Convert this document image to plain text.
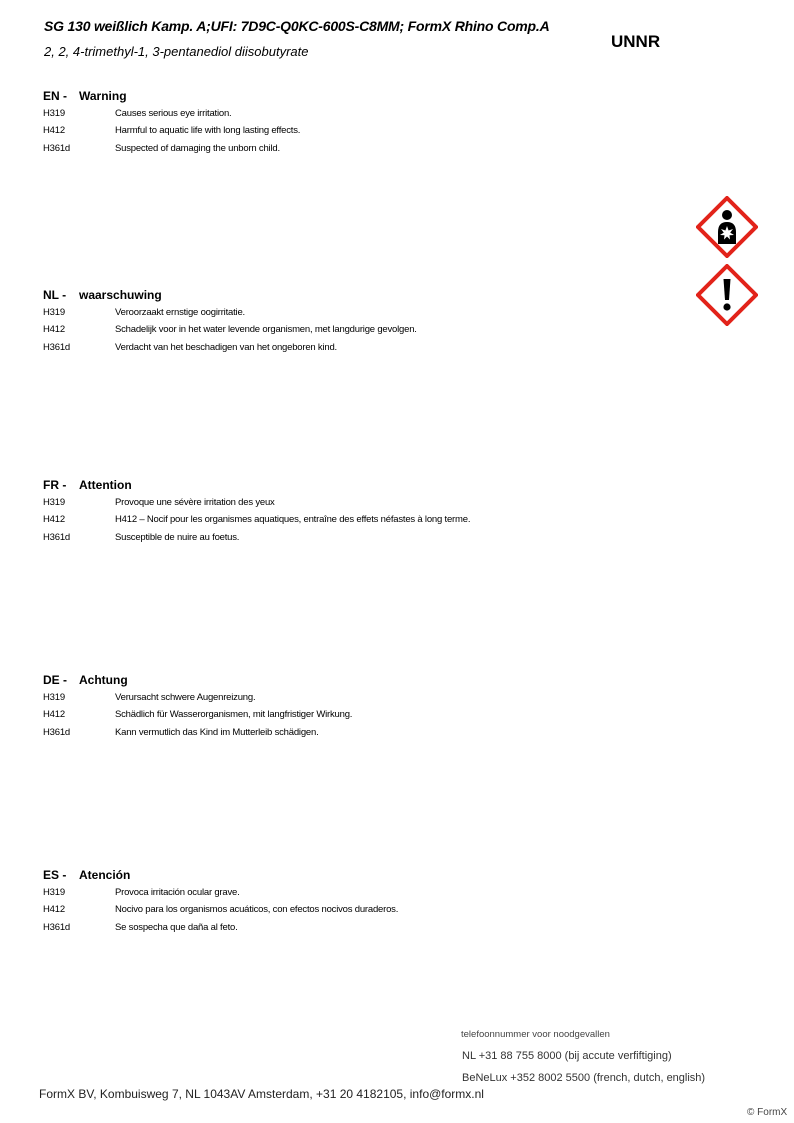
SG 130 weißlich Kamp. A;UFI: 7D9C-Q0KC-600S-C8MM; FormX Rhino Comp.A
2, 2, 4-trimethyl-1, 3-pentanediol diisobutyrate
UNNR
EN - Warning
H319	Causes serious eye irritation.
H412	Harmful to aquatic life with long lasting effects.
H361d	Suspected of damaging the unborn child.
NL - waarschuwing
H319	Veroorzaakt ernstige oogirritatie.
H412	Schadelijk voor in het water levende organismen, met langdurige gevolgen.
H361d	Verdacht van het beschadigen van het ongeboren kind.
FR - Attention
H319	Provoque une sévère irritation des yeux
H412	H412 – Nocif pour les organismes aquatiques, entraîne des effets néfastes à long terme.
H361d	Susceptible de nuire au foetus.
DE - Achtung
H319	Verursacht schwere Augenreizung.
H412	Schädlich für Wasserorganismen, mit langfristiger Wirkung.
H361d	Kann vermutlich das Kind im Mutterleib schädigen.
ES - Atención
H319	Provoca irritación ocular grave.
H412	Nocivo para los organismos acuáticos, con efectos nocivos duraderos.
H361d	Se sospecha que daña al feto.
telefoonnummer voor noodgevallen
NL +31 88 755 8000 (bij accute verfiftiging)
BeNeLux +352 8002 5500 (french, dutch, english)
FormX BV, Kombuisweg 7, NL 1043AV Amsterdam, +31 20 4182105, info@formx.nl
© FormX
